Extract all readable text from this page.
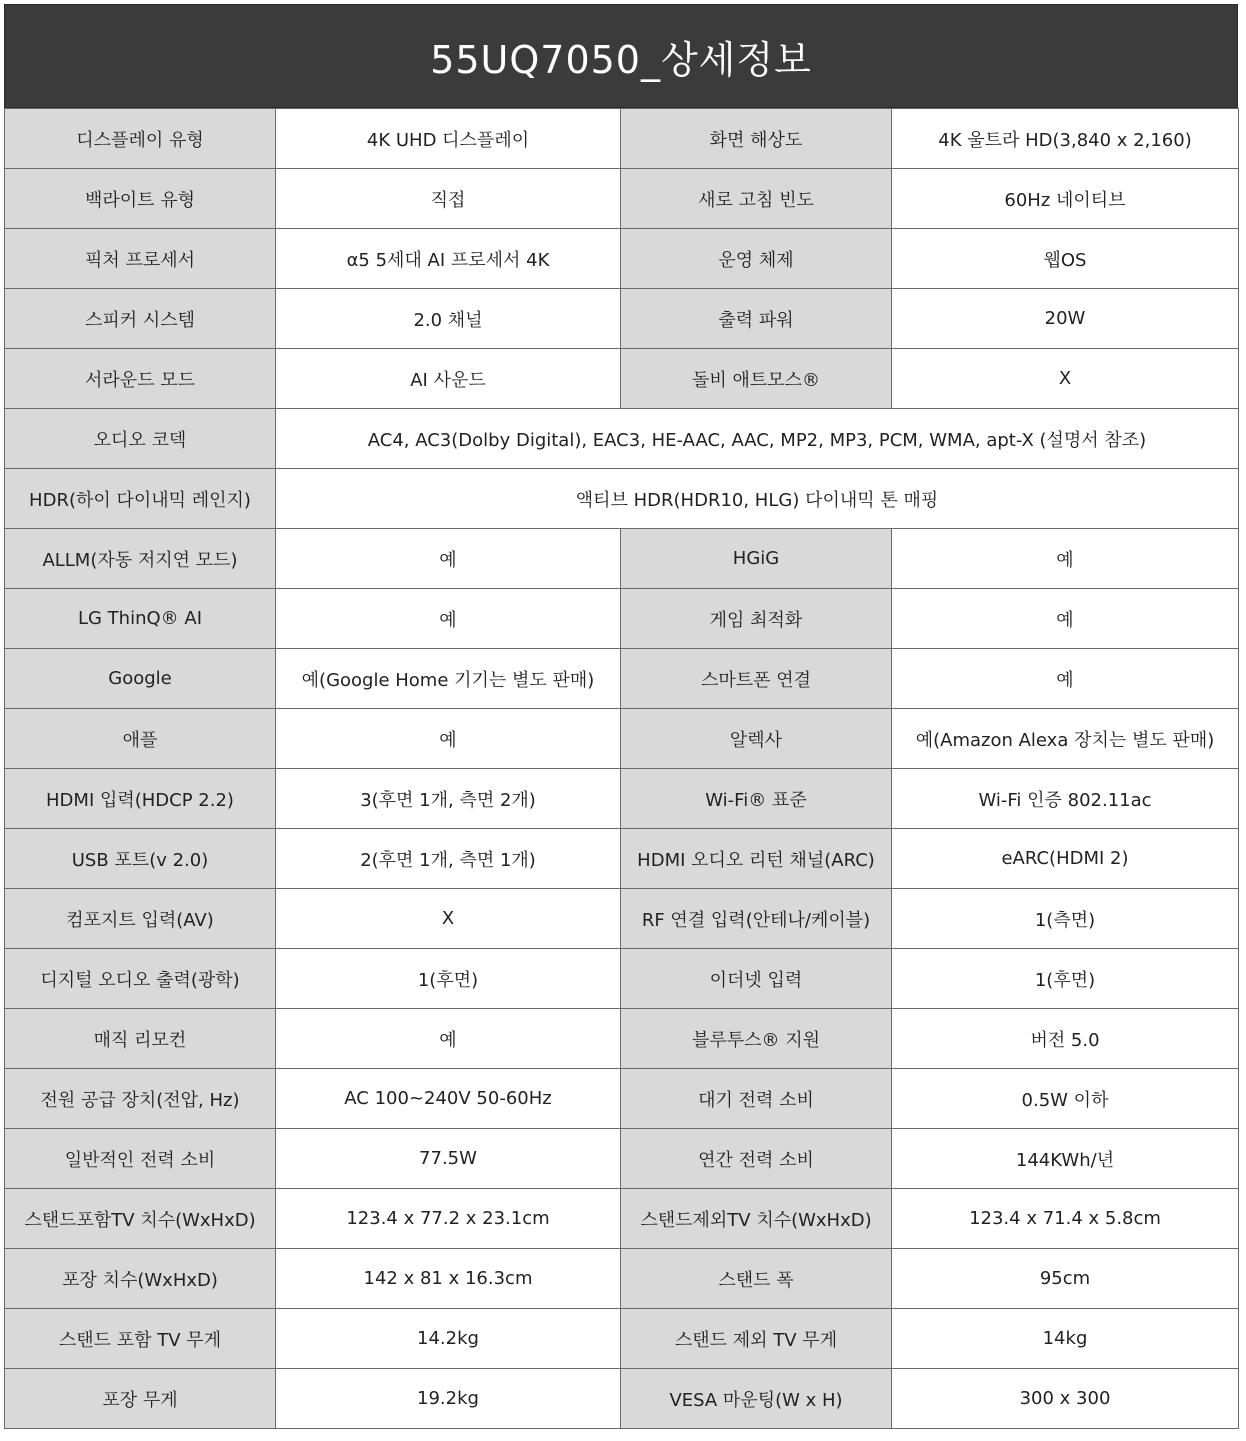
55UQ7050_상세정보
디스플레이 유형	4K UHD 디스플레이	화면 해상도	4K 울트라 HD(3,840 x 2,160)
백라이트 유형	직접	새로 고침 빈도	60Hz 네이티브
픽처 프로세서	α5 5세대 AI 프로세서 4K	운영 체제	웹OS
스피커 시스템	2.0 채널	출력 파워	20W
서라운드 모드	AI 사운드	돌비 애트모스®	X
오디오 코덱	AC4, AC3(Dolby Digital), EAC3, HE-AAC, AAC, MP2, MP3, PCM, WMA, apt-X (설명서 참조)		
HDR(하이 다이내믹 레인지)	액티브 HDR(HDR10, HLG) 다이내믹 톤 매핑		
ALLM(자동 저지연 모드)	예	HGiG	예
LG ThinQ® AI	예	게임 최적화	예
Google	예(Google Home 기기는 별도 판매)	스마트폰 연결	예
애플	예	알렉사	예(Amazon Alexa 장치는 별도 판매)
HDMI 입력(HDCP 2.2)	3(후면 1개, 측면 2개)	Wi-Fi® 표준	Wi-Fi 인증 802.11ac
USB 포트(v 2.0)	2(후면 1개, 측면 1개)	HDMI 오디오 리턴 채널(ARC)	eARC(HDMI 2)
컴포지트 입력(AV)	X	RF 연결 입력(안테나/케이블)	1(측면)
디지털 오디오 출력(광학)	1(후면)	이더넷 입력	1(후면)
매직 리모컨	예	블루투스® 지원	버전 5.0
전원 공급 장치(전압, Hz)	AC 100~240V 50-60Hz	대기 전력 소비	0.5W 이하
일반적인 전력 소비	77.5W	연간 전력 소비	144KWh/년
스탠드포함TV 치수(WxHxD)	123.4 x 77.2 x 23.1cm	스탠드제외TV 치수(WxHxD)	123.4 x 71.4 x 5.8cm
포장 치수(WxHxD)	142 x 81 x 16.3cm	스탠드 폭	95cm
스탠드 포함 TV 무게	14.2kg	스탠드 제외 TV 무게	14kg
포장 무게	19.2kg	VESA 마운팅(W x H)	300 x 300
